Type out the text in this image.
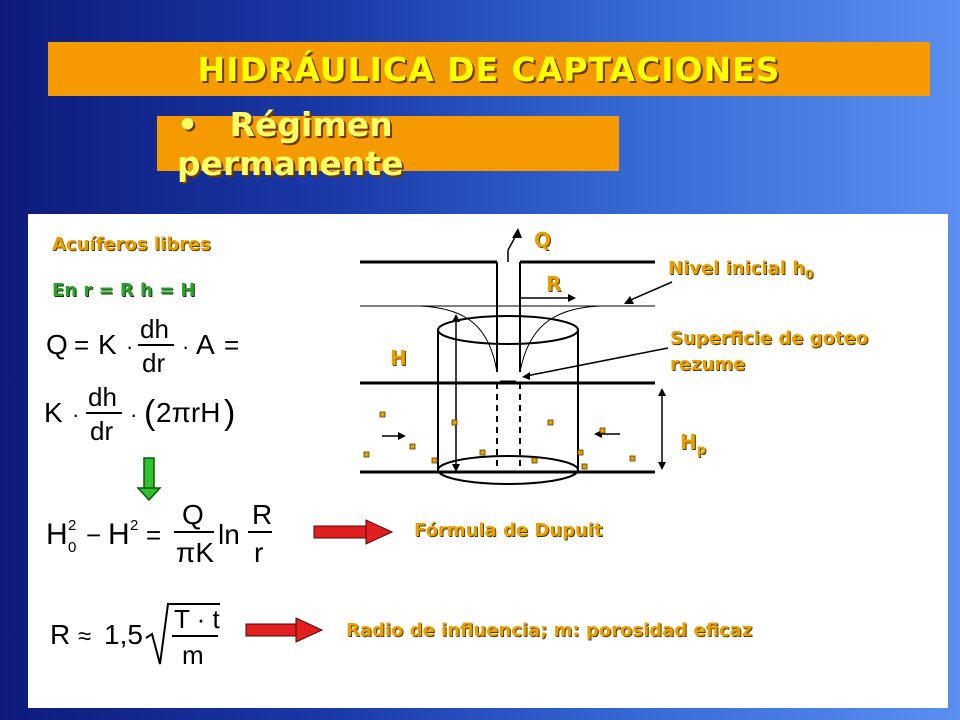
HIDRÁULICA DE CAPTACIONES
• Régimen permanente
Acuíferos libres
En r = R h = H
Q = K ·
dh
dr
· A =
K ·
dh
dr
· ( 2πrH )
H 2
0 − H 2 =
Q
πK
ln
R
r
R ≈ 1,5 T · t
m
Fórmula de Dupuit
Radio de influencia; m: porosidad eficaz
Q
R
H
Nivel inicial $h_0$
Superficie de goteo
rezume
$H_p$
